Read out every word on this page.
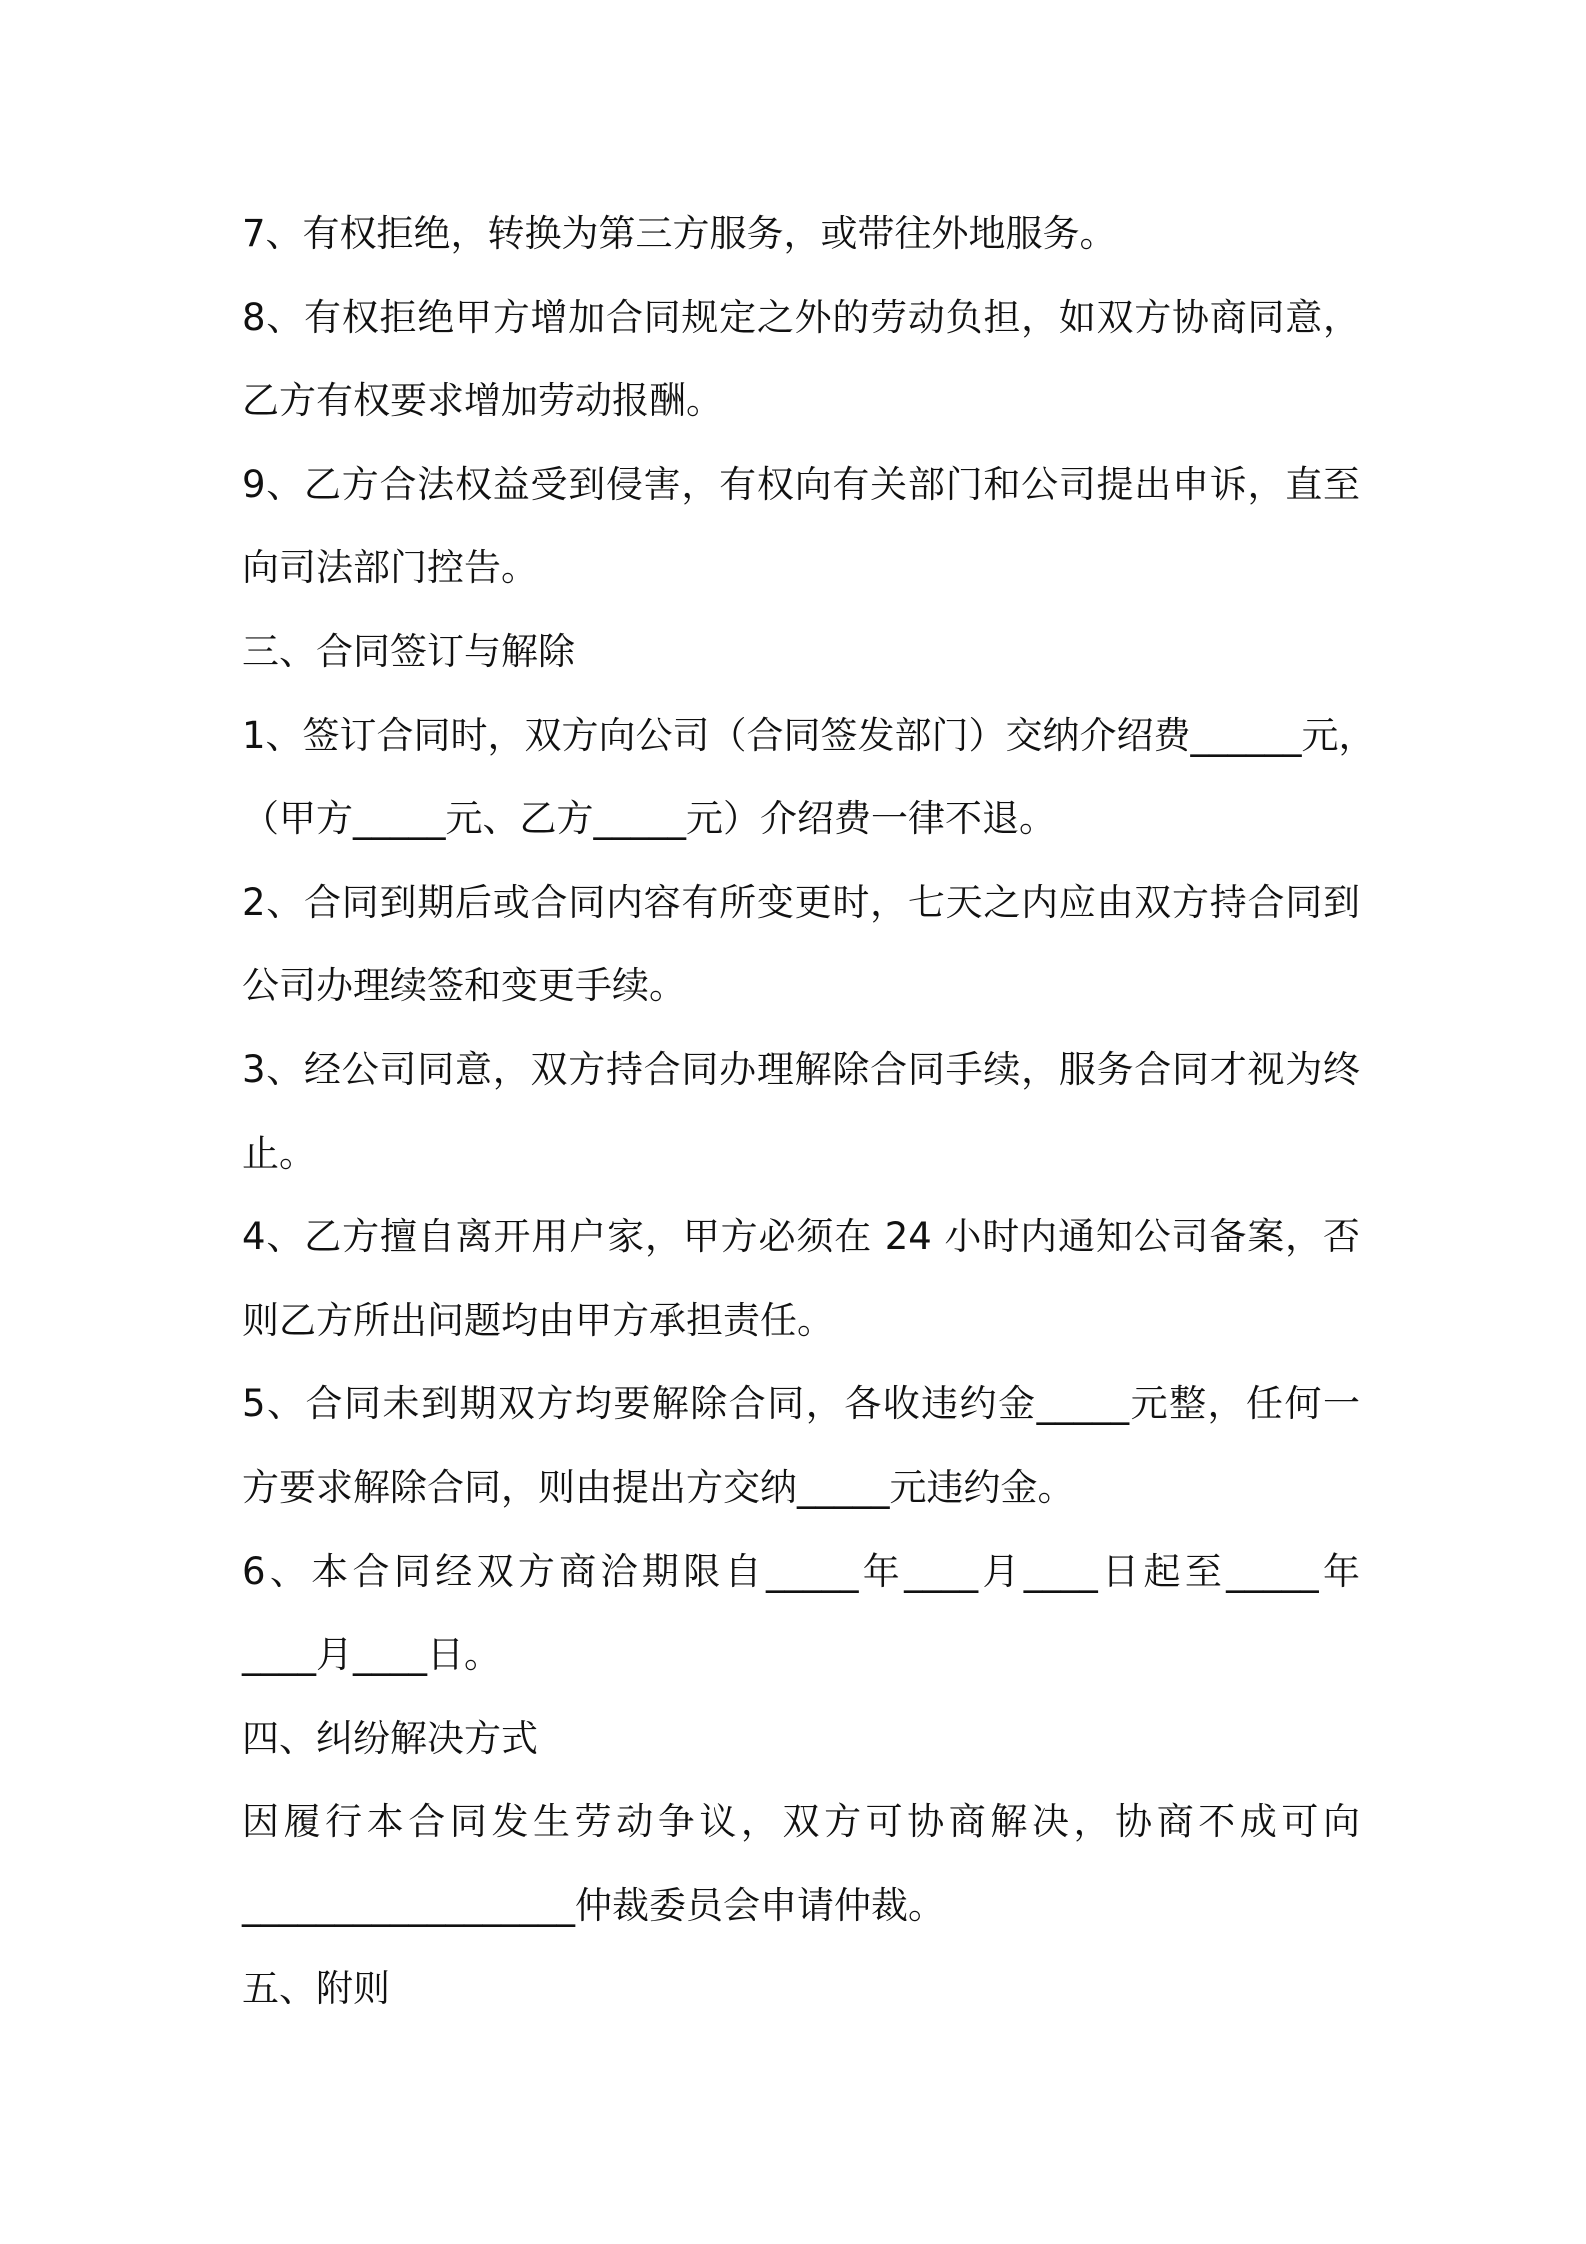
7、有权拒绝，转换为第三方服务，或带往外地服务。
8、有权拒绝甲方增加合同规定之外的劳动负担，如双方协商同意，
乙方有权要求增加劳动报酬。
9、乙方合法权益受到侵害，有权向有关部门和公司提出申诉，直至
向司法部门控告。
三、合同签订与解除
1、签订合同时，双方向公司（合同签发部门）交纳介绍费______元，
（甲方_____元、乙方_____元）介绍费一律不退。
2、合同到期后或合同内容有所变更时，七天之内应由双方持合同到
公司办理续签和变更手续。
3、经公司同意，双方持合同办理解除合同手续，服务合同才视为终
止。
4、乙方擅自离开用户家，甲方必须在 24 小时内通知公司备案，否
则乙方所出问题均由甲方承担责任。
5、合同未到期双方均要解除合同，各收违约金_____元整，任何一
方要求解除合同，则由提出方交纳_____元违约金。
6、本合同经双方商洽期限自_____年____月____日起至_____年
____月____日。
四、纠纷解决方式
因履行本合同发生劳动争议，双方可协商解决，协商不成可向
__________________仲裁委员会申请仲裁。
五、附则
